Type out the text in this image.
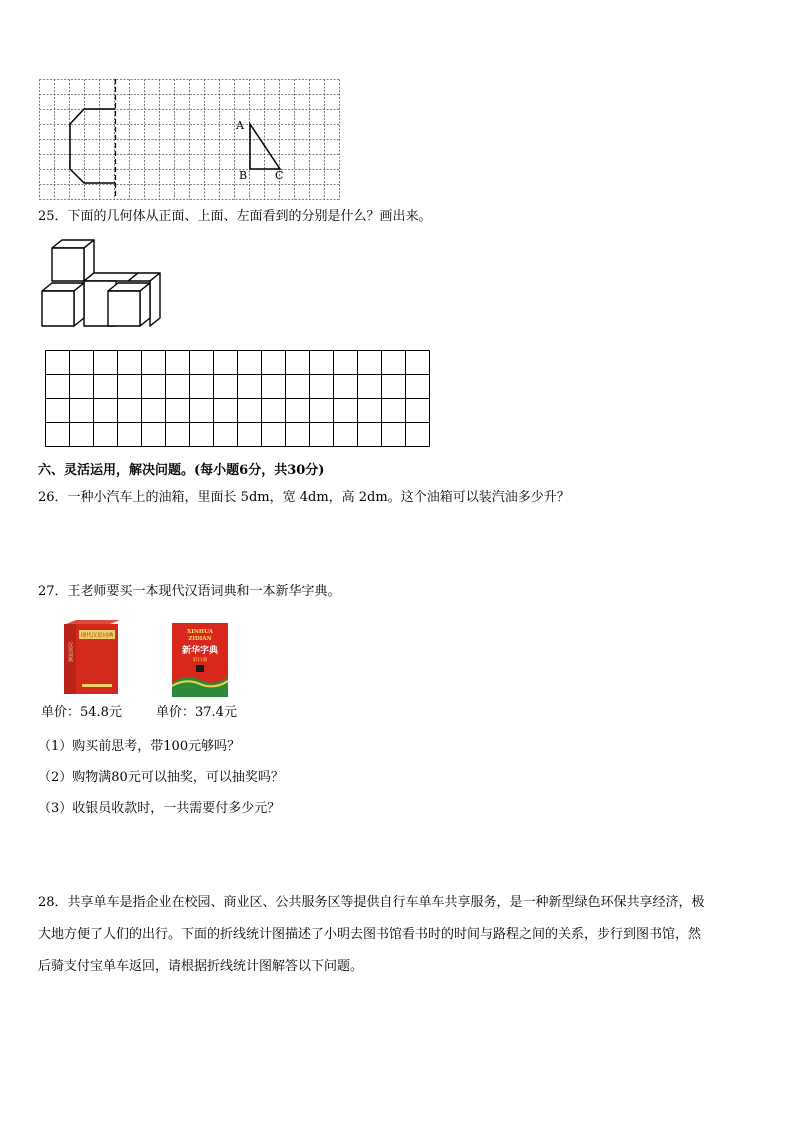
A
B	C
25．下面的几何体从正面、上面、左面看到的分别是什么？画出来。
六、灵活运用，解决问题。(每小题6分，共30分)
26．一种小汽车上的油箱，里面长 5dm，宽 4dm，高 2dm。这个油箱可以装汽油多少升？
27．王老师要买一本现代汉语词典和一本新华字典。
现代汉语词典
汉语词典
单价：54.8元
XINHUA
ZIDIAN
新华字典
第11版
单价：37.4元
（1）购买前思考，带100元够吗？
（2）购物满80元可以抽奖，可以抽奖吗？
（3）收银员收款时，一共需要付多少元？
28．共享单车是指企业在校园、商业区、公共服务区等提供自行车单车共享服务，是一种新型绿色环保共享经济，极
大地方便了人们的出行。下面的折线统计图描述了小明去图书馆看书时的时间与路程之间的关系，步行到图书馆，然
后骑支付宝单车返回，请根据折线统计图解答以下问题。
